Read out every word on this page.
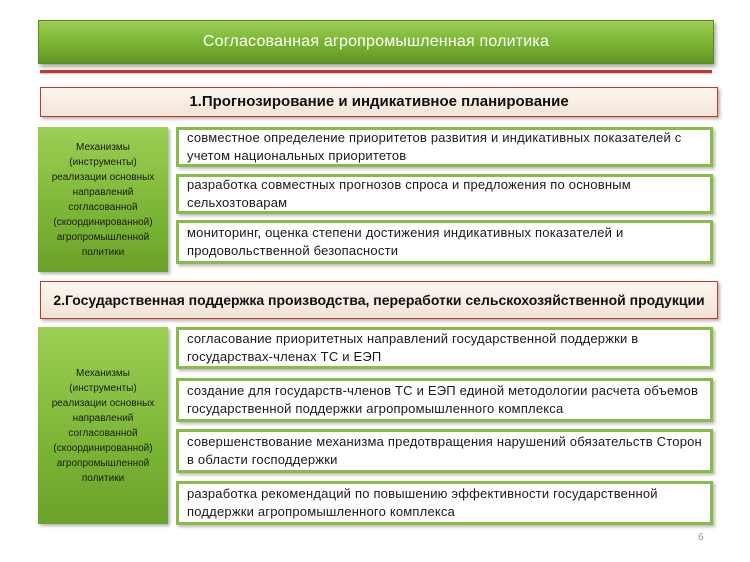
Согласованная агропромышленная политика
1.Прогнозирование и индикативное планирование
Механизмы (инструменты) реализации основных направлений согласованной (скоординированной) агропромышленной политики
совместное определение приоритетов развития и индикативных показателей с учетом национальных приоритетов
разработка совместных прогнозов спроса и предложения по основным сельхозтоварам
мониторинг, оценка степени достижения индикативных показателей и продовольственной безопасности
2.Государственная поддержка производства, переработки сельскохозяйственной продукции
Механизмы (инструменты) реализации основных направлений согласованной (скоординированной) агропромышленной политики
согласование приоритетных направлений государственной поддержки в государствах-членах ТС и ЕЭП
создание для государств-членов ТС и ЕЭП единой методологии расчета объемов государственной поддержки агропромышленного комплекса
совершенствование механизма предотвращения нарушений обязательств Сторон в области господдержки
разработка рекомендаций по повышению эффективности государственной поддержки агропромышленного комплекса
6
